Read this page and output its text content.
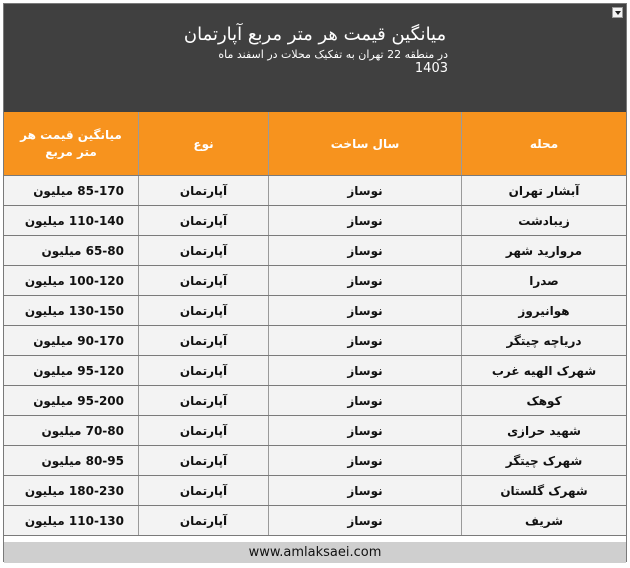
میانگین قیمت هر متر مربع آپارتمان
در منطقه 22 تهران به تفکیک محلات در اسفند ماه
1403
محله
سال ساخت
نوع
میانگین قیمت هر متر مربع
آبشار تهران
نوساز
آپارتمان
85-170 میلیون
زیبادشت
نوساز
آپارتمان
110-140 میلیون
مروارید شهر
نوساز
آپارتمان
65-80 میلیون
صدرا
نوساز
آپارتمان
100-120 میلیون
هوانیروز
نوساز
آپارتمان
130-150 میلیون
دریاچه چیتگر
نوساز
آپارتمان
90-170 میلیون
شهرک الهیه غرب
نوساز
آپارتمان
95-120 میلیون
کوهک
نوساز
آپارتمان
95-200 میلیون
شهید حرازی
نوساز
آپارتمان
70-80 میلیون
شهرک چیتگر
نوساز
آپارتمان
80-95 میلیون
شهرک گلستان
نوساز
آپارتمان
180-230 میلیون
شریف
نوساز
آپارتمان
110-130 میلیون
www.amlaksaei.com
